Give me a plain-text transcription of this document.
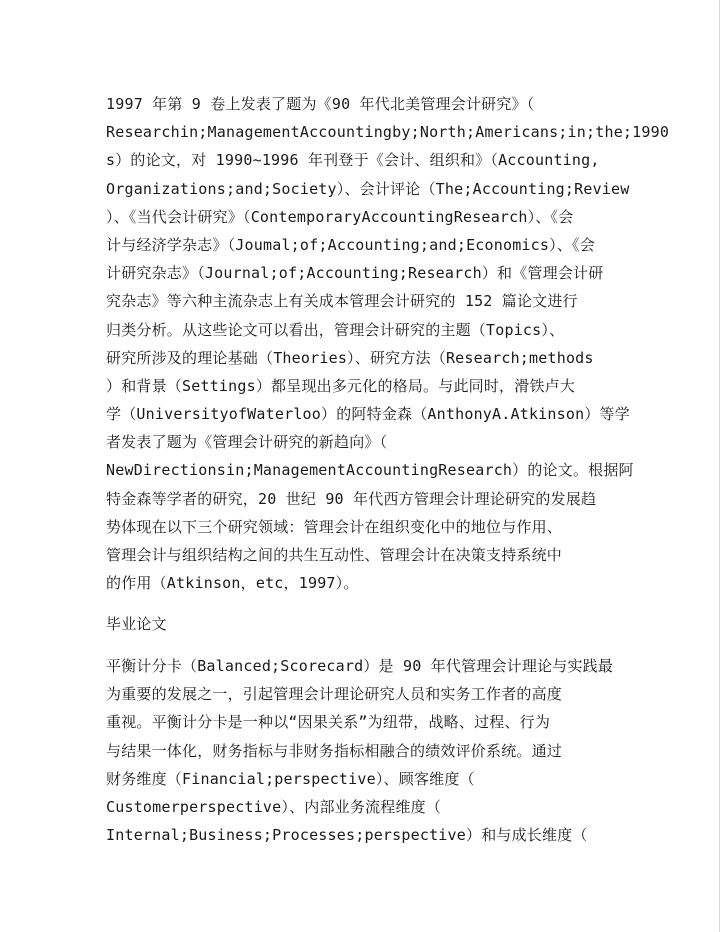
1997 年第 9 卷上发表了题为《90 年代北美管理会计研究》（
Researchin;ManagementAccountingby;North;Americans;in;the;1990
s）的论文，对 1990~1996 年刊登于《会计、组织和》（Accounting,
Organizations;and;Society）、会计评论（The;Accounting;Review
）、《当代会计研究》（ContemporaryAccountingResearch）、《会
计与经济学杂志》（Joumal;of;Accounting;and;Economics）、《会
计研究杂志》（Journal;of;Accounting;Research）和《管理会计研
究杂志》等六种主流杂志上有关成本管理会计研究的 152 篇论文进行
归类分析。从这些论文可以看出，管理会计研究的主题（Topics）、
研究所涉及的理论基础（Theories）、研究方法（Research;methods
）和背景（Settings）都呈现出多元化的格局。与此同时，滑铁卢大
学（UniversityofWaterloo）的阿特金森（AnthonyA.Atkinson）等学
者发表了题为《管理会计研究的新趋向》（
NewDirectionsin;ManagementAccountingResearch）的论文。根据阿
特金森等学者的研究，20 世纪 90 年代西方管理会计理论研究的发展趋
势体现在以下三个研究领域：管理会计在组织变化中的地位与作用、
管理会计与组织结构之间的共生互动性、管理会计在决策支持系统中
的作用（Atkinson，etc，1997）。
毕业论文
平衡计分卡（Balanced;Scorecard）是 90 年代管理会计理论与实践最
为重要的发展之一，引起管理会计理论研究人员和实务工作者的高度
重视。平衡计分卡是一种以“因果关系”为纽带，战略、过程、行为
与结果一体化，财务指标与非财务指标相融合的绩效评价系统。通过
财务维度（Financial;perspective）、顾客维度（
Customerperspective）、内部业务流程维度（
Internal;Business;Processes;perspective）和与成长维度（
